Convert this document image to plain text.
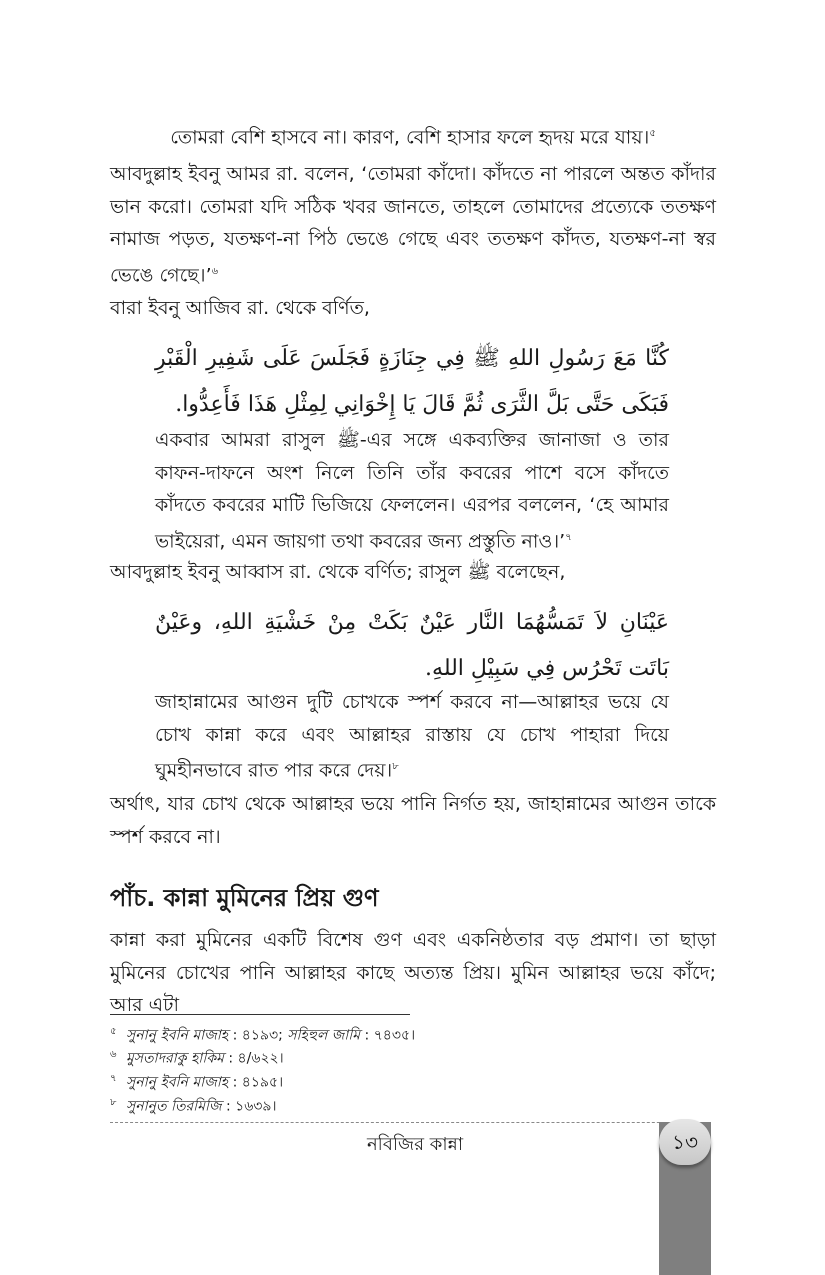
তোমরা বেশি হাসবে না। কারণ, বেশি হাসার ফলে হৃদয় মরে যায়।$^৫$
আবদুল্লাহ ইবনু আমর রা. বলেন, ‘তোমরা কাঁদো। কাঁদতে না পারলে অন্তত কাঁদার ভান করো। তোমরা যদি সঠিক খবর জানতে, তাহলে তোমাদের প্রত্যেকে ততক্ষণ নামাজ পড়ত, যতক্ষণ-না পিঠ ভেঙে গেছে এবং ততক্ষণ কাঁদত, যতক্ষণ-না স্বর ভেঙে গেছে।’$^৬$
বারা ইবনু আজিব রা. থেকে বর্ণিত,
كُنَّا مَعَ رَسُولِ اللهِ ﷺ فِي جِنَازَةٍ فَجَلَسَ عَلَى شَفِيرِ الْقَبْرِ فَبَكَى حَتَّى بَلَّ الثَّرَى ثُمَّ قَالَ يَا إِخْوَانِي لِمِثْلِ هَذَا فَأَعِدُّوا.
একবার আমরা রাসুল ﷺ-এর সঙ্গে একব্যক্তির জানাজা ও তার কাফন-দাফনে অংশ নিলে তিনি তাঁর কবরের পাশে বসে কাঁদতে কাঁদতে কবরের মাটি ভিজিয়ে ফেললেন। এরপর বললেন, ‘হে আমার ভাইয়েরা, এমন জায়গা তথা কবরের জন্য প্রস্তুতি নাও।’$^৭$
আবদুল্লাহ ইবনু আব্বাস রা. থেকে বর্ণিত; রাসুল ﷺ বলেছেন,
عَيْنَانِ لاَ تَمَسُّهُمَا النَّار عَيْنٌ بَكَتْ مِنْ خَشْيَةِ اللهِ، وعَيْنٌ بَاتَت تَحْرُس فِي سَبِيْلِ اللهِ.
জাহান্নামের আগুন দুটি চোখকে স্পর্শ করবে না—আল্লাহর ভয়ে যে চোখ কান্না করে এবং আল্লাহর রাস্তায় যে চোখ পাহারা দিয়ে ঘুমহীনভাবে রাত পার করে দেয়।$^৮$
অর্থাৎ, যার চোখ থেকে আল্লাহর ভয়ে পানি নির্গত হয়, জাহান্নামের আগুন তাকে স্পর্শ করবে না।
পাঁচ. কান্না মুমিনের প্রিয় গুণ
কান্না করা মুমিনের একটি বিশেষ গুণ এবং একনিষ্ঠতার বড় প্রমাণ। তা ছাড়া মুমিনের চোখের পানি আল্লাহর কাছে অত্যন্ত প্রিয়। মুমিন আল্লাহর ভয়ে কাঁদে; আর এটা
৫ সুনানু ইবনি মাজাহ : ৪১৯৩; সহিহুল জামি : ৭৪৩৫।
৬ মুসতাদরাকু হাকিম : ৪/৬২২।
৭ সুনানু ইবনি মাজাহ : ৪১৯৫।
৮ সুনানুত তিরমিজি : ১৬৩৯।
নবিজির কান্না	১৩
